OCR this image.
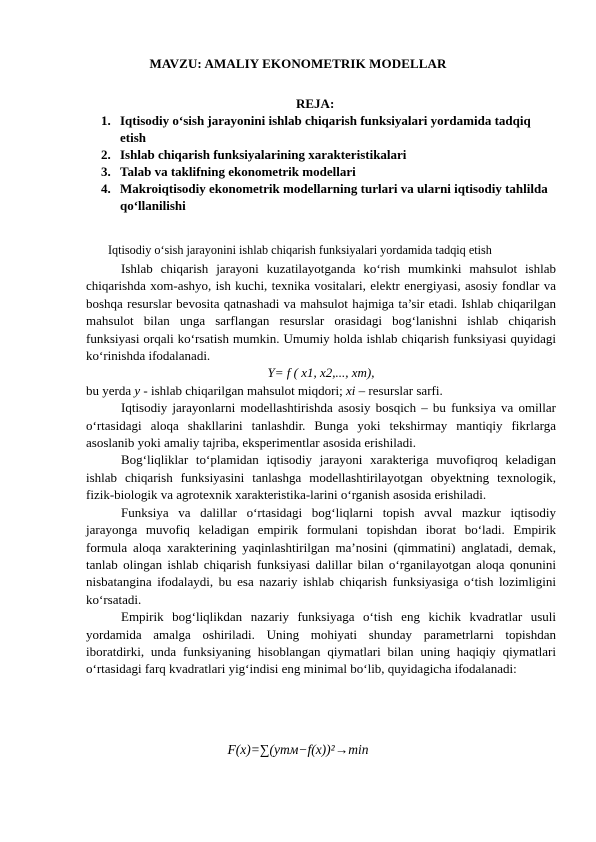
MAVZU: AMALIY EKONOMETRIK MODELLAR
REJA:
1. Iqtisodiy o‘sish jarayonini ishlab chiqarish funksiyalari yordamida tadqiq etish
2. Ishlab chiqarish funksiyalarining xarakteristikalari
3. Talab va taklifning ekonometrik modellari
4. Makroiqtisodiy ekonometrik modellarning turlari va ularni iqtisodiy tahlilda qo‘llanilishi
Iqtisodiy o‘sish jarayonini ishlab chiqarish funksiyalari yordamida tadqiq etish

Ishlab chiqarish jarayoni kuzatilayotganda ko‘rish mumkinki mahsulot ishlab chiqarishda xom-ashyo, ish kuchi, texnika vositalari, elektr energiyasi, asosiy fondlar va boshqa resurslar bevosita qatnashadi va mahsulot hajmiga ta’sir etadi. Ishlab chiqarilgan mahsulot bilan unga sarflangan resurslar orasidagi bog‘lanishni ishlab chiqarish funksiyasi orqali ko‘rsatish mumkin. Umumiy holda ishlab chiqarish funksiyasi quyidagi ko‘rinishda ifodalanadi.

Y= f ( x1, x2,..., xm),

bu yerda y - ishlab chiqarilgan mahsulot miqdori; xi – resurslar sarfi.

Iqtisodiy jarayonlarni modellashtirishda asosiy bosqich – bu funksiya va omillar o‘rtasidagi aloqa shakllarini tanlashdir. Bunga yoki tekshirmay mantiqiy fikrlarga asoslanib yoki amaliy tajriba, eksperimentlar asosida erishiladi.

Bog‘liqliklar to‘plamidan iqtisodiy jarayoni xarakteriga muvofiqroq keladigan ishlab chiqarish funksiyasini tanlashga modellashtirilayotgan obyektning texnologik, fizik-biologik va agrotexnik xarakteristika-larini o‘rganish asosida erishiladi.

Funksiya va dalillar o‘rtasidagi bog‘liqlarni topish avval mazkur iqtisodiy jarayonga muvofiq keladigan empirik formulani topishdan iborat bo‘ladi. Empirik formula aloqa xarakterining yaqinlashtirilgan ma’nosini (qimmatini) anglatadi, demak, tanlab olingan ishlab chiqarish funksiyasi dalillar bilan o‘rganilayotgan aloqa qonunini nisbatangina ifodalaydi, bu esa nazariy ishlab chiqarish funksiyasiga o‘tish lozimligini ko‘rsatadi.

Empirik bog‘liqlikdan nazariy funksiyaga o‘tish eng kichik kvadratlar usuli yordamida amalga oshiriladi. Uning mohiyati shunday parametrlarni topishdan iboratdirki, unda funksiyaning hisoblangan qiymatlari bilan uning haqiqiy qiymatlari o‘rtasidagi farq kvadratlari yig‘indisi eng minimal bo‘lib, quyidagicha ifodalanadi:

F(x)=∑(yтм−f(x))²→min
